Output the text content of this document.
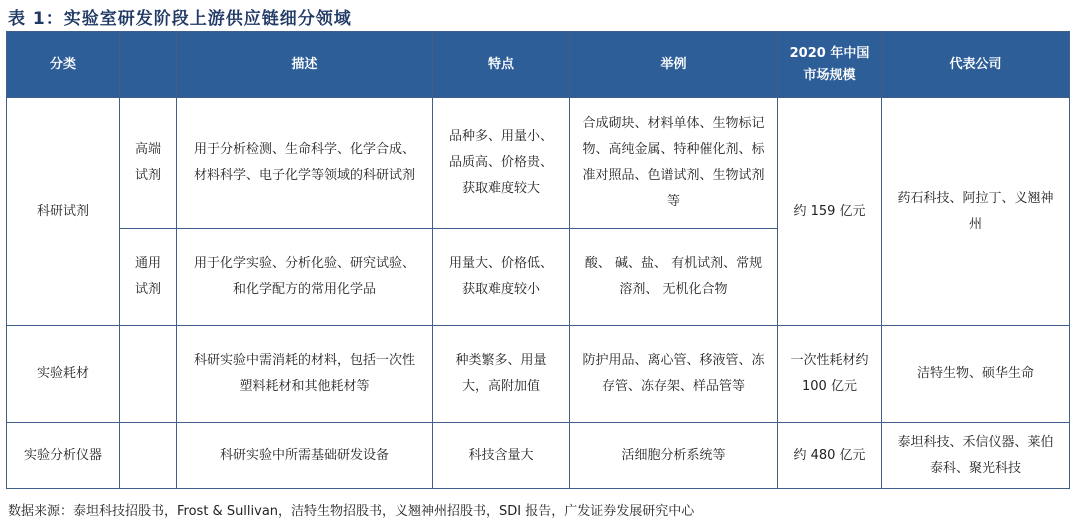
表 1：实验室研发阶段上游供应链细分领域
分类		描述	特点	举例	2020 年中国市场规模	代表公司
科研试剂	高端试剂	用于分析检测、生命科学、化学合成、材料科学、电子化学等领域的科研试剂	品种多、用量小、品质高、价格贵、获取难度较大	合成砌块、材料单体、生物标记物、高纯金属、特种催化剂、标准对照品、色谱试剂、生物试剂等	约 159 亿元	药石科技、阿拉丁、义翘神州
	通用试剂	用于化学实验、分析化验、研究试验、和化学配方的常用化学品	用量大、价格低、获取难度较小	酸、 碱、盐、 有机试剂、常规溶剂、 无机化合物		
实验耗材		科研实验中需消耗的材料，包括一次性塑料耗材和其他耗材等	种类繁多、用量大，高附加值	防护用品、离心管、移液管、冻存管、冻存架、样品管等	一次性耗材约 100 亿元	洁特生物、硕华生命
实验分析仪器		科研实验中所需基础研发设备	科技含量大	活细胞分析系统等	约 480 亿元	泰坦科技、禾信仪器、莱伯泰科、聚光科技
数据来源：泰坦科技招股书，Frost & Sullivan，洁特生物招股书，义翘神州招股书，SDI 报告，广发证券发展研究中心
